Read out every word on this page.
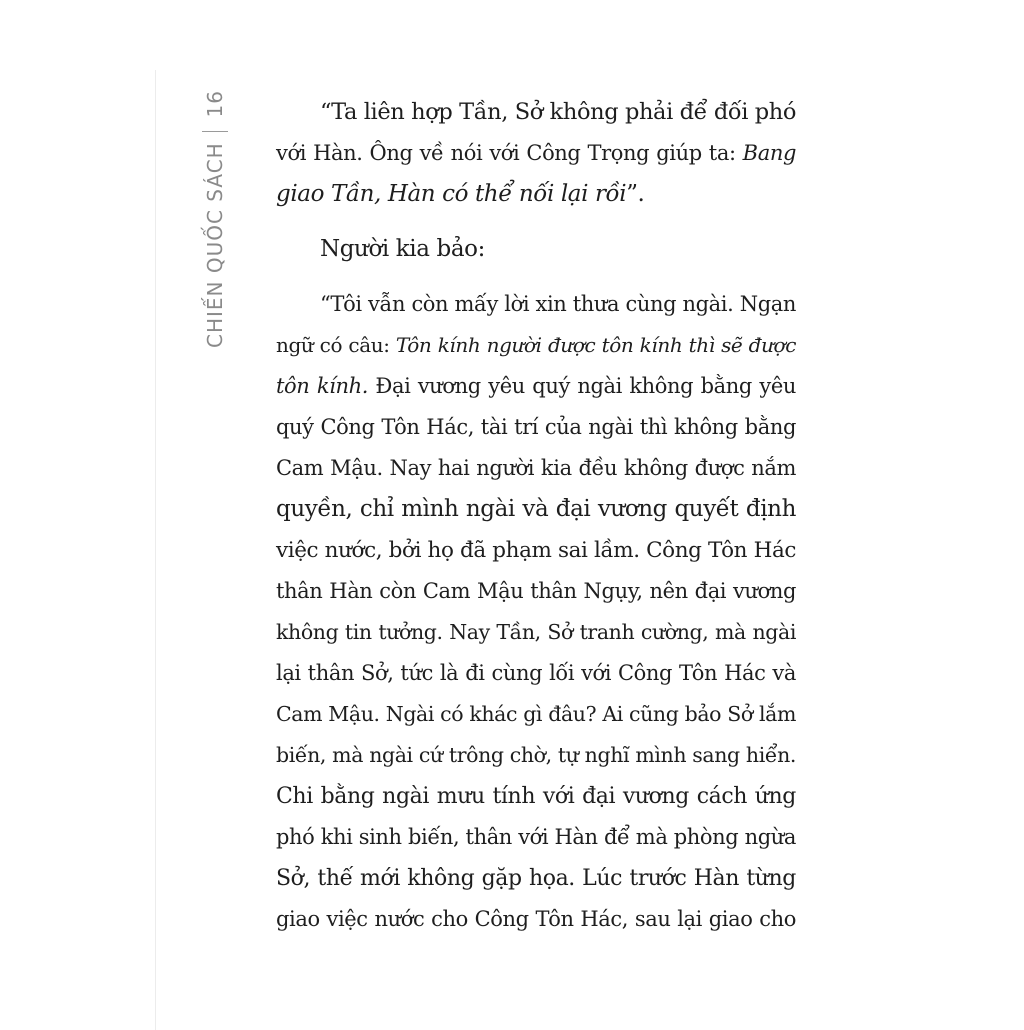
16
CHIẾN QUỐC SÁCH
“Ta liên hợp Tần, Sở không phải để đối phó
với Hàn. Ông về nói với Công Trọng giúp ta: Bang
giao Tần, Hàn có thể nối lại rồi”.
Người kia bảo:
“Tôi vẫn còn mấy lời xin thưa cùng ngài. Ngạn
ngữ có câu: Tôn kính người được tôn kính thì sẽ được
tôn kính. Đại vương yêu quý ngài không bằng yêu
quý Công Tôn Hác, tài trí của ngài thì không bằng
Cam Mậu. Nay hai người kia đều không được nắm
quyền, chỉ mình ngài và đại vương quyết định
việc nước, bởi họ đã phạm sai lầm. Công Tôn Hác
thân Hàn còn Cam Mậu thân Ngụy, nên đại vương
không tin tưởng. Nay Tần, Sở tranh cường, mà ngài
lại thân Sở, tức là đi cùng lối với Công Tôn Hác và
Cam Mậu. Ngài có khác gì đâu? Ai cũng bảo Sở lắm
biến, mà ngài cứ trông chờ, tự nghĩ mình sang hiển.
Chi bằng ngài mưu tính với đại vương cách ứng
phó khi sinh biến, thân với Hàn để mà phòng ngừa
Sở, thế mới không gặp họa. Lúc trước Hàn từng
giao việc nước cho Công Tôn Hác, sau lại giao cho
